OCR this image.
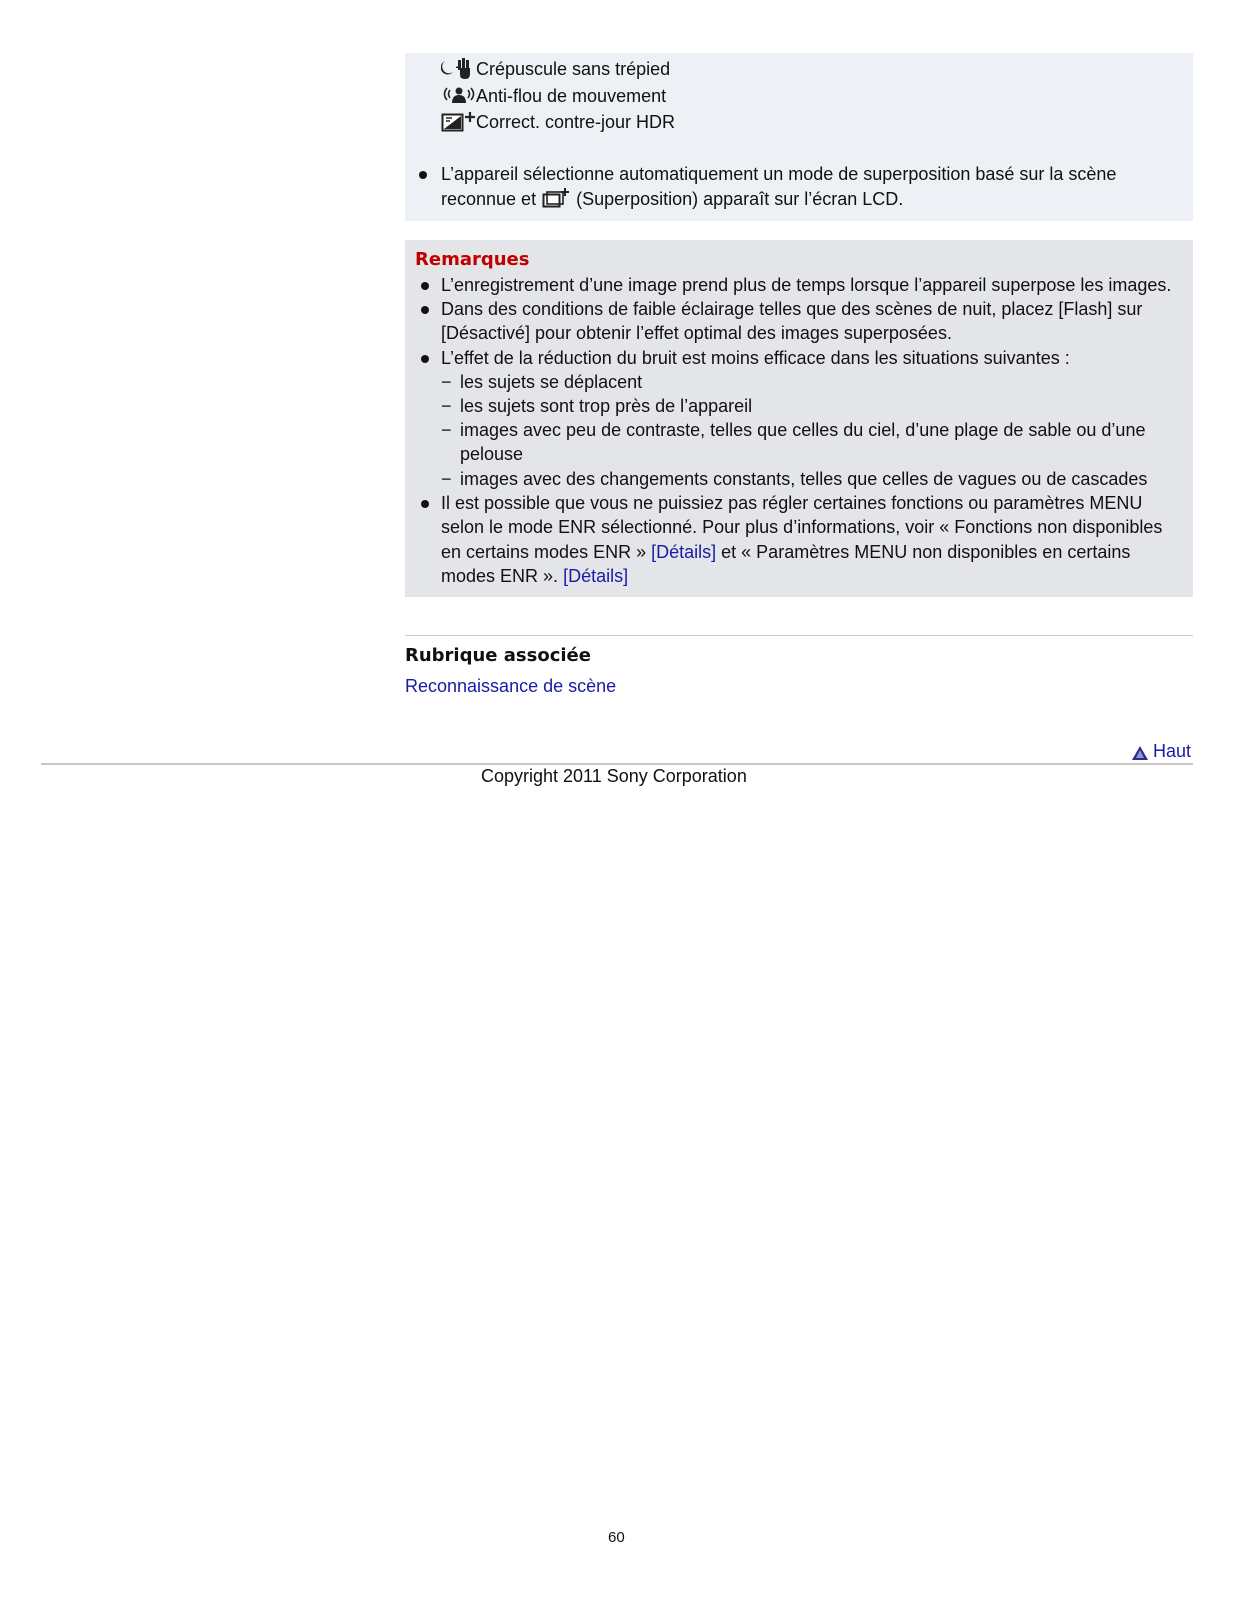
Crépuscule sans trépied
Anti-flou de mouvement
Correct. contre-jour HDR
L’appareil sélectionne automatiquement un mode de superposition basé sur la scène
reconnue et (Superposition) apparaît sur l’écran LCD.
Remarques
L’enregistrement d’une image prend plus de temps lorsque l’appareil superpose les images.
Dans des conditions de faible éclairage telles que des scènes de nuit, placez [Flash] sur [Désactivé] pour obtenir l’effet optimal des images superposées.
L’effet de la réduction du bruit est moins efficace dans les situations suivantes :
− les sujets se déplacent
− les sujets sont trop près de l’appareil
− images avec peu de contraste, telles que celles du ciel, d’une plage de sable ou d’une pelouse
− images avec des changements constants, telles que celles de vagues ou de cascades
Il est possible que vous ne puissiez pas régler certaines fonctions ou paramètres MENU selon le mode ENR sélectionné. Pour plus d’informations, voir « Fonctions non disponibles en certains modes ENR » [Détails] et « Paramètres MENU non disponibles en certains modes ENR ». [Détails]
Rubrique associée
Reconnaissance de scène
Haut
Copyright 2011 Sony Corporation
60
